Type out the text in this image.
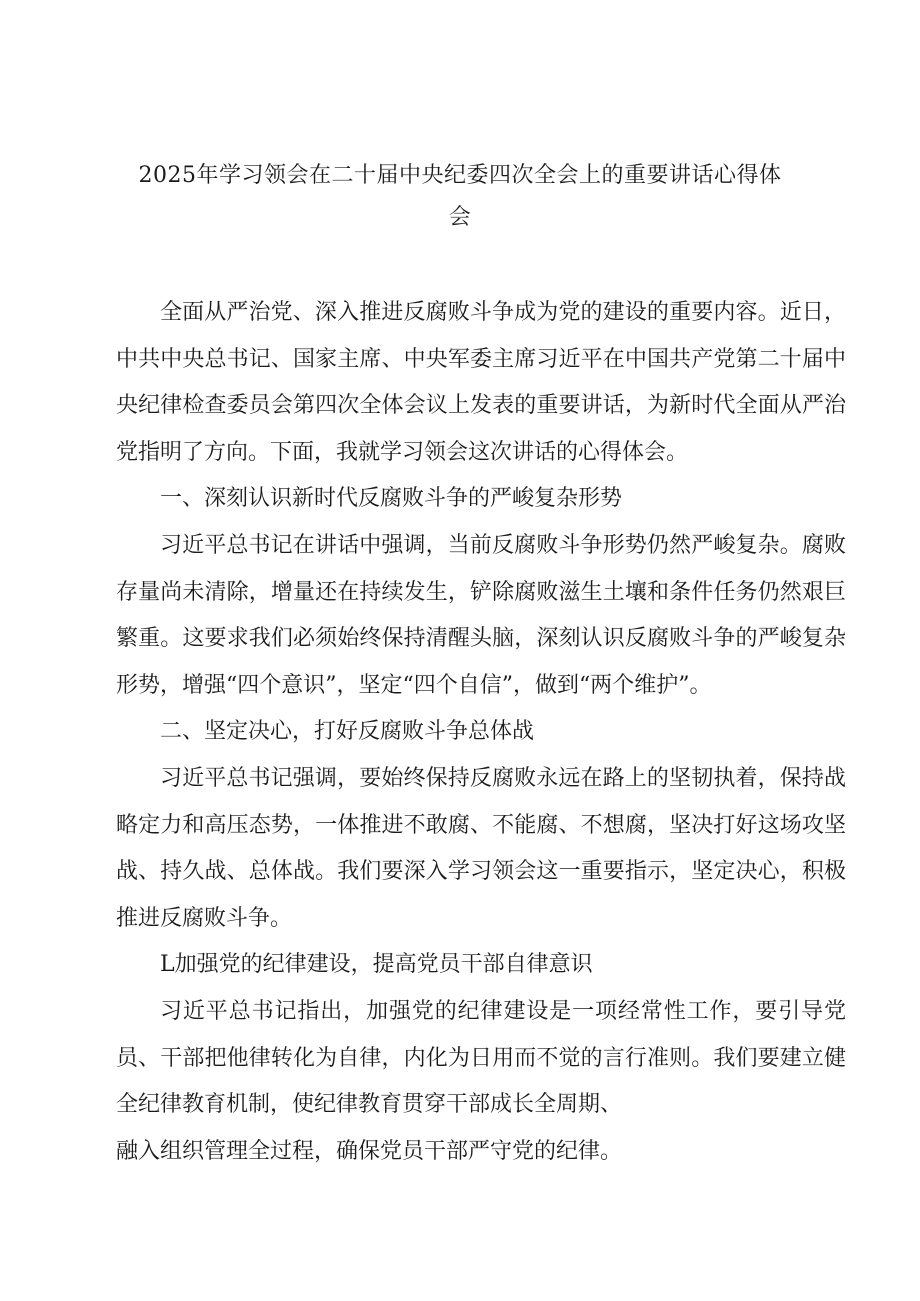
2025年学习领会在二十届中央纪委四次全会上的重要讲话心得体
会

全面从严治党、深入推进反腐败斗争成为党的建设的重要内容。近日，中共中央总书记、国家主席、中央军委主席习近平在中国共产党第二十届中央纪律检查委员会第四次全体会议上发表的重要讲话，为新时代全面从严治党指明了方向。下面，我就学习领会这次讲话的心得体会。

一、深刻认识新时代反腐败斗争的严峻复杂形势

习近平总书记在讲话中强调，当前反腐败斗争形势仍然严峻复杂。腐败存量尚未清除，增量还在持续发生，铲除腐败滋生土壤和条件任务仍然艰巨繁重。这要求我们必须始终保持清醒头脑，深刻认识反腐败斗争的严峻复杂形势，增强“四个意识”，坚定“四个自信”，做到“两个维护”。

二、坚定决心，打好反腐败斗争总体战

习近平总书记强调，要始终保持反腐败永远在路上的坚韧执着，保持战略定力和高压态势，一体推进不敢腐、不能腐、不想腐，坚决打好这场攻坚战、持久战、总体战。我们要深入学习领会这一重要指示，坚定决心，积极推进反腐败斗争。

L加强党的纪律建设，提高党员干部自律意识

习近平总书记指出，加强党的纪律建设是一项经常性工作，要引导党员、干部把他律转化为自律，内化为日用而不觉的言行准则。我们要建立健全纪律教育机制，使纪律教育贯穿干部成长全周期、

融入组织管理全过程，确保党员干部严守党的纪律。
